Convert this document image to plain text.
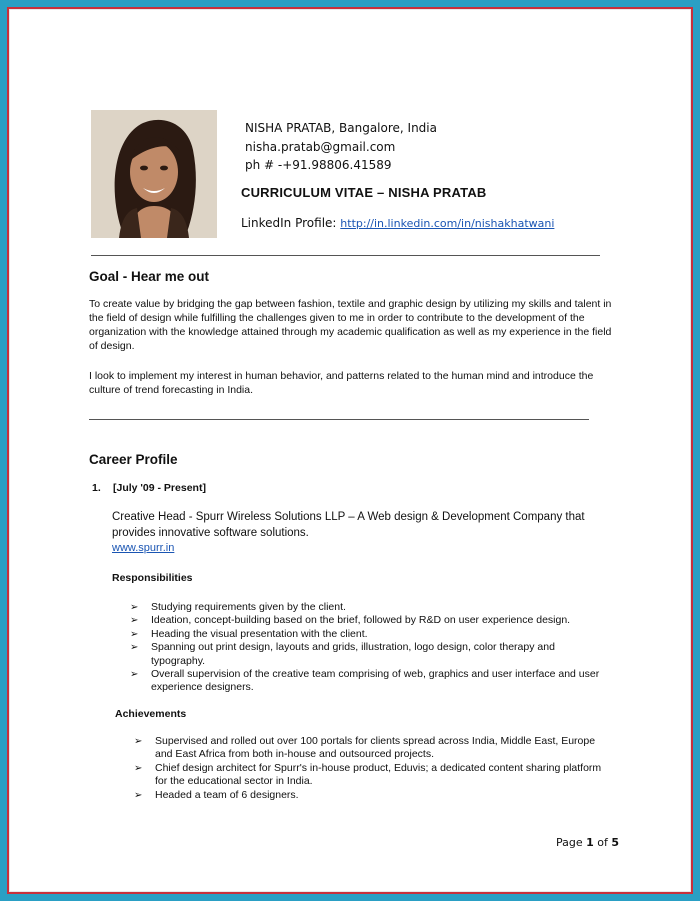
NISHA PRATAB, Bangalore, India
nisha.pratab@gmail.com
ph # -+91.98806.41589
CURRICULUM VITAE – NISHA PRATAB
LinkedIn Profile: http://in.linkedin.com/in/nishakhatwani
Goal - Hear me out
To create value by bridging the gap between fashion, textile and graphic design by utilizing my skills and talent in the field of design while fulfilling the challenges given to me in order to contribute to the development of the organization with the knowledge attained through my academic qualification as well as my experience in the field of design.
I look to implement my interest in human behavior, and patterns related to the human mind and introduce the culture of trend forecasting in India.
Career Profile
1. [July '09 - Present]
Creative Head - Spurr Wireless Solutions LLP – A Web design & Development Company that provides innovative software solutions.
www.spurr.in
Responsibilities
➢ Studying requirements given by the client.
➢ Ideation, concept-building based on the brief, followed by R&D on user experience design.
➢ Heading the visual presentation with the client.
➢ Spanning out print design, layouts and grids, illustration, logo design, color therapy and typography.
➢ Overall supervision of the creative team comprising of web, graphics and user interface and user experience designers.
Achievements
➢ Supervised and rolled out over 100 portals for clients spread across India, Middle East, Europe and East Africa from both in-house and outsourced projects.
➢ Chief design architect for Spurr's in-house product, Eduvis; a dedicated content sharing platform for the educational sector in India.
➢ Headed a team of 6 designers.
Page 1 of 5
